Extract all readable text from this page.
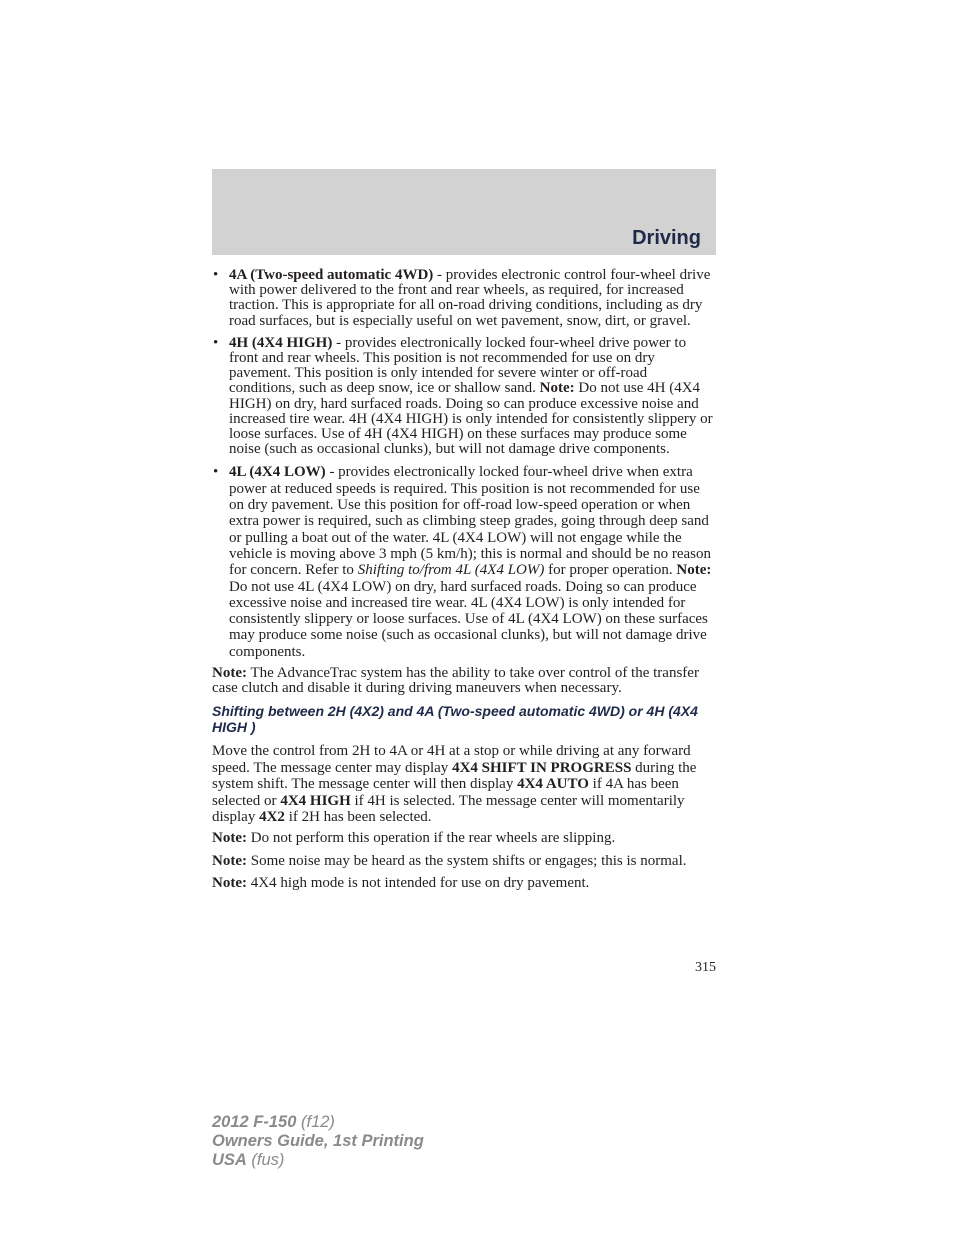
Driving
• 4A (Two-speed automatic 4WD) - provides electronic control four-wheel drive with power delivered to the front and rear wheels, as required, for increased traction. This is appropriate for all on-road driving conditions, including as dry road surfaces, but is especially useful on wet pavement, snow, dirt, or gravel.
• 4H (4X4 HIGH) - provides electronically locked four-wheel drive power to front and rear wheels. This position is not recommended for use on dry pavement. This position is only intended for severe winter or off-road conditions, such as deep snow, ice or shallow sand. Note: Do not use 4H (4X4 HIGH) on dry, hard surfaced roads. Doing so can produce excessive noise and increased tire wear. 4H (4X4 HIGH) is only intended for consistently slippery or loose surfaces. Use of 4H (4X4 HIGH) on these surfaces may produce some noise (such as occasional clunks), but will not damage drive components.
• 4L (4X4 LOW) - provides electronically locked four-wheel drive when extra power at reduced speeds is required. This position is not recommended for use on dry pavement. Use this position for off-road low-speed operation or when extra power is required, such as climbing steep grades, going through deep sand or pulling a boat out of the water. 4L (4X4 LOW) will not engage while the vehicle is moving above 3 mph (5 km/h); this is normal and should be no reason for concern. Refer to Shifting to/from 4L (4X4 LOW) for proper operation. Note: Do not use 4L (4X4 LOW) on dry, hard surfaced roads. Doing so can produce excessive noise and increased tire wear. 4L (4X4 LOW) is only intended for consistently slippery or loose surfaces. Use of 4L (4X4 LOW) on these surfaces may produce some noise (such as occasional clunks), but will not damage drive components.

Note: The AdvanceTrac system has the ability to take over control of the transfer case clutch and disable it during driving maneuvers when necessary.

Shifting between 2H (4X2) and 4A (Two-speed automatic 4WD) or 4H (4X4 HIGH )

Move the control from 2H to 4A or 4H at a stop or while driving at any forward speed. The message center may display 4X4 SHIFT IN PROGRESS during the system shift. The message center will then display 4X4 AUTO if 4A has been selected or 4X4 HIGH if 4H is selected. The message center will momentarily display 4X2 if 2H has been selected.

Note: Do not perform this operation if the rear wheels are slipping.

Note: Some noise may be heard as the system shifts or engages; this is normal.

Note: 4X4 high mode is not intended for use on dry pavement.

315
2012 F-150 (f12)
Owners Guide, 1st Printing
USA (fus)
